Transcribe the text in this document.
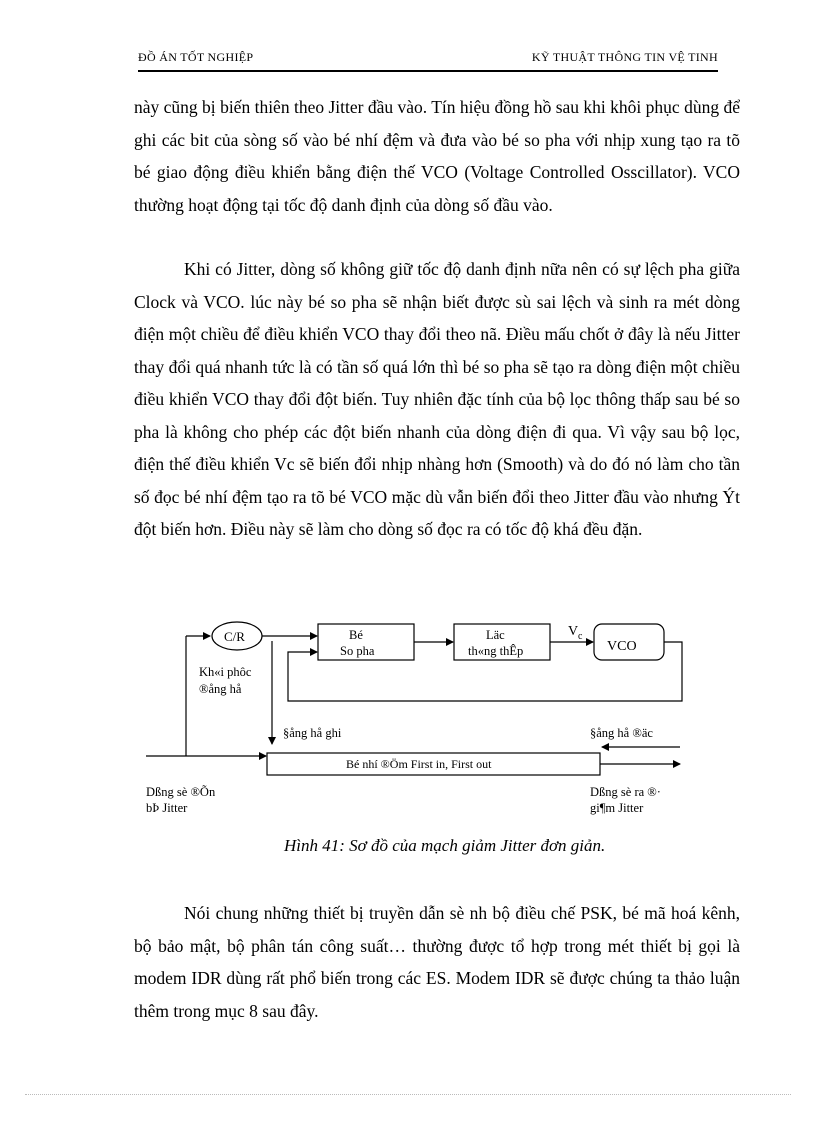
ĐỒ ÁN TỐT NGHIỆP	KỸ THUẬT THÔNG TIN VỆ TINH

này cũng bị biến thiên theo Jitter đầu vào. Tín hiệu đồng hồ sau khi khôi phục dùng để ghi các bit của sòng số vào bé nhí đệm và đưa vào bé so pha với nhịp xung tạo ra tõ bé giao động điều khiển bằng điện thế VCO (Voltage Controlled Osscillator). VCO thường hoạt động tại tốc độ danh định của dòng số đầu vào.

Khi có Jitter, dòng số không giữ tốc độ danh định nữa nên có sự lệch pha giữa Clock và VCO. lúc này bé so pha sẽ nhận biết được sù sai lệch và sinh ra mét dòng điện một chiều để điều khiển VCO thay đổi theo nã. Điều mấu chốt ở đây là nếu Jitter thay đổi quá nhanh tức là có tần số quá lớn thì bé so pha sẽ tạo ra dòng điện một chiều điều khiển VCO thay đổi đột biến. Tuy nhiên đặc tính của bộ lọc thông thấp sau bé so pha là không cho phép các đột biến nhanh của dòng điện đi qua. Vì vậy sau bộ lọc, điện thế điều khiển Vc sẽ biến đổi nhịp nhàng hơn (Smooth) và do đó nó làm cho tần số đọc bé nhí đệm tạo ra tõ bé VCO mặc dù vẫn biến đổi theo Jitter đầu vào nhưng Ýt đột biến hơn. Điều này sẽ làm cho dòng số đọc ra có tốc độ khá đều đặn.

C/R	Bé
So pha
Läc
th«ng thÊp
V c
VCO
Kh«i phôc
®ång hå
§ång hå ghi	§ång hå ®äc
Bé nhí ®Öm First in, First out
Dßng sè ®Õn
bÞ Jitter
Dßng sè ra ®·
gi¶m Jitter
Hình 41: Sơ đồ của mạch giảm Jitter đơn giản.

Nói chung những thiết bị truyền dẫn sè nh bộ điều chế PSK, bé mã hoá kênh, bộ bảo mật, bộ phân tán công suất… thường được tổ hợp trong mét thiết bị gọi là modem IDR dùng rất phổ biến trong các ES. Modem IDR sẽ được chúng ta thảo luận thêm trong mục 8 sau đây.
